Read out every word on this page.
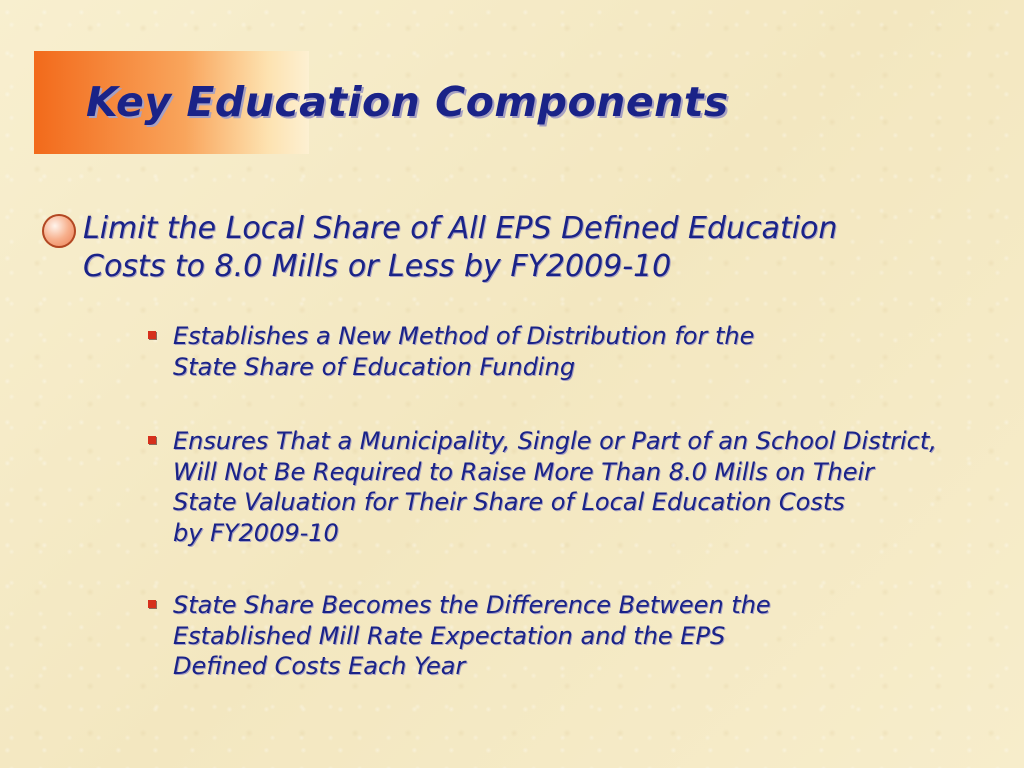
Key Education Components

Limit the Local Share of All EPS Defined Education
Costs to 8.0 Mills or Less by FY2009-10

Establishes a New Method of Distribution for the
State Share of Education Funding

Ensures That a Municipality, Single or Part of an School District,
Will Not Be Required to Raise More Than 8.0 Mills on Their
State Valuation for Their Share of Local Education Costs
by FY2009-10

State Share Becomes the Difference Between the
Established Mill Rate Expectation and the EPS
Defined Costs Each Year
